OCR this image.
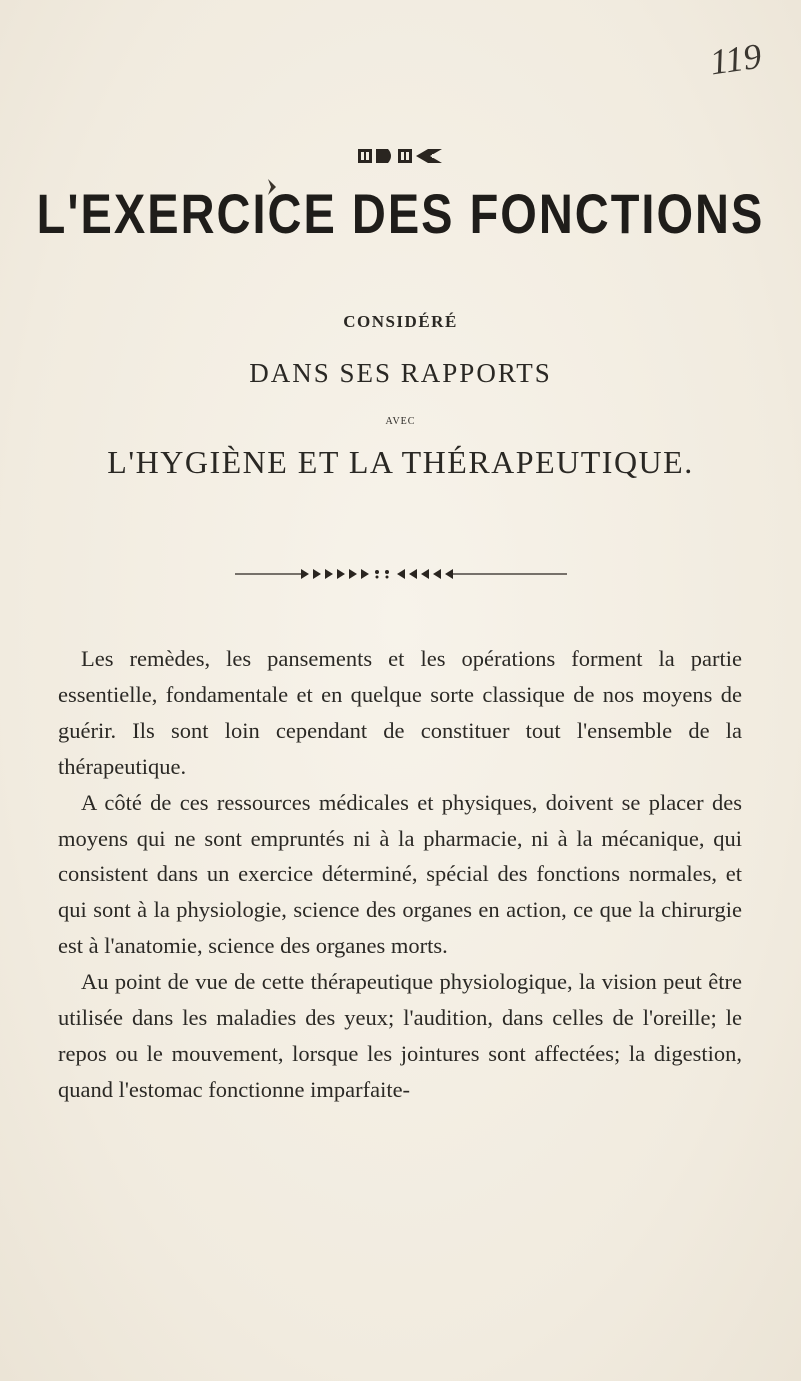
119
L'EXERCICE DES FONCTIONS
CONSIDÉRÉ
DANS SES RAPPORTS
AVEC
L'HYGIÈNE ET LA THÉRAPEUTIQUE.

Les remèdes, les pansements et les opérations forment la partie essentielle, fondamentale et en quelque sorte classique de nos moyens de guérir. Ils sont loin cependant de constituer tout l'ensemble de la thérapeutique.

A côté de ces ressources médicales et physiques, doivent se placer des moyens qui ne sont empruntés ni à la pharmacie, ni à la mécanique, qui consistent dans un exercice déterminé, spécial des fonctions normales, et qui sont à la physiologie, science des organes en action, ce que la chirurgie est à l'anatomie, science des organes morts.

Au point de vue de cette thérapeutique physiologique, la vision peut être utilisée dans les maladies des yeux; l'audition, dans celles de l'oreille; le repos ou le mouvement, lorsque les jointures sont affectées; la digestion, quand l'estomac fonctionne imparfaite-
